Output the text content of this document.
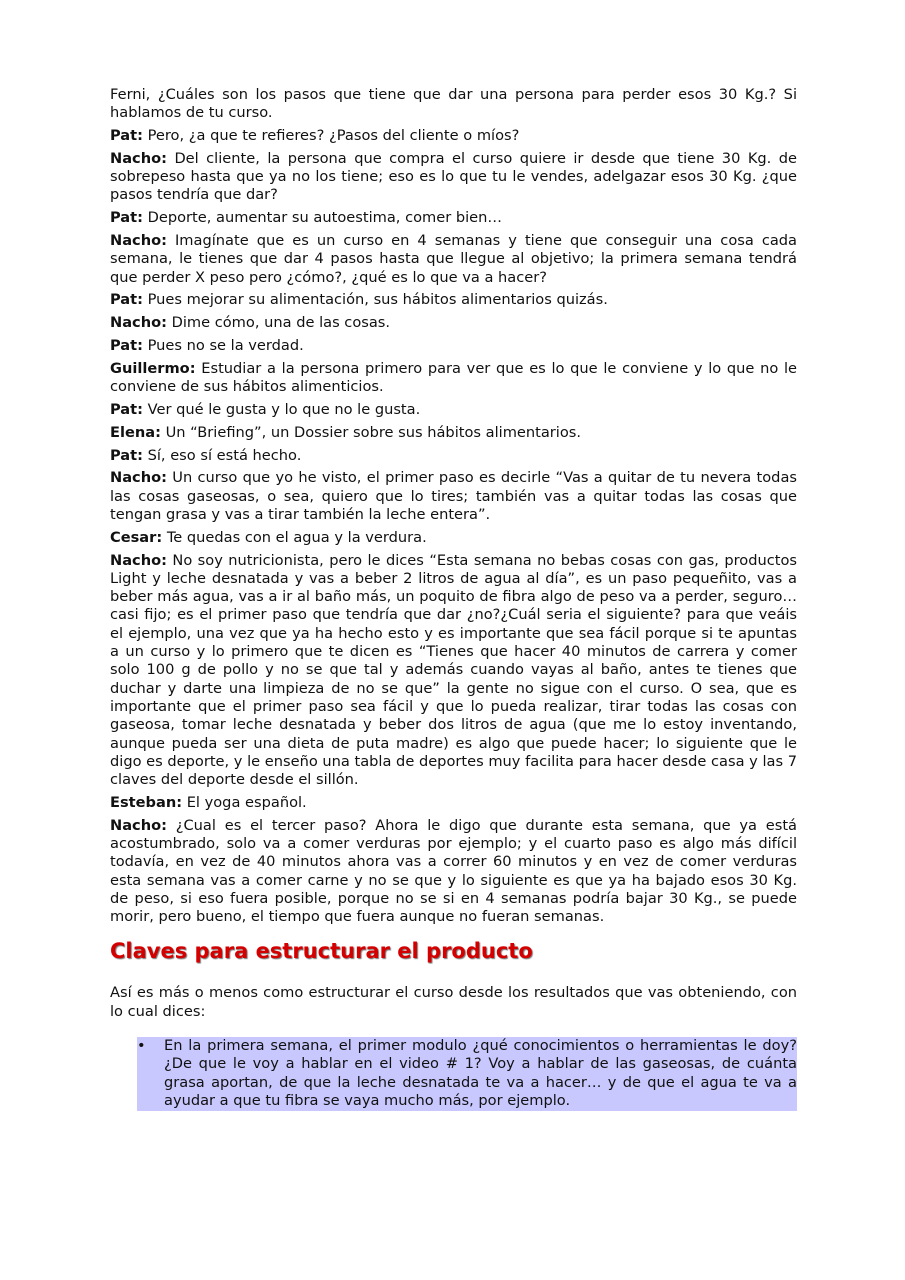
Ferni, ¿Cuáles son los pasos que tiene que dar una persona para perder esos 30 Kg.? Si hablamos de tu curso.

Pat: Pero, ¿a que te refieres? ¿Pasos del cliente o míos?

Nacho: Del cliente, la persona que compra el curso quiere ir desde que tiene 30 Kg. de sobrepeso hasta que ya no los tiene; eso es lo que tu le vendes, adelgazar esos 30 Kg. ¿que pasos tendría que dar?

Pat: Deporte, aumentar su autoestima, comer bien…

Nacho: Imagínate que es un curso en 4 semanas y tiene que conseguir una cosa cada semana, le tienes que dar 4 pasos hasta que llegue al objetivo; la primera semana tendrá que perder X peso pero ¿cómo?, ¿qué es lo que va a hacer?

Pat: Pues mejorar su alimentación, sus hábitos alimentarios quizás.

Nacho: Dime cómo, una de las cosas.

Pat: Pues no se la verdad.

Guillermo: Estudiar a la persona primero para ver que es lo que le conviene y lo que no le conviene de sus hábitos alimenticios.

Pat: Ver qué le gusta y lo que no le gusta.

Elena: Un “Briefing”, un Dossier sobre sus hábitos alimentarios.

Pat: Sí, eso sí está hecho.

Nacho: Un curso que yo he visto, el primer paso es decirle “Vas a quitar de tu nevera todas las cosas gaseosas, o sea, quiero que lo tires; también vas a quitar todas las cosas que tengan grasa y vas a tirar también la leche entera”.

Cesar: Te quedas con el agua y la verdura.

Nacho: No soy nutricionista, pero le dices “Esta semana no bebas cosas con gas, productos Light y leche desnatada y vas a beber 2 litros de agua al día”, es un paso pequeñito, vas a beber más agua, vas a ir al baño más, un poquito de fibra algo de peso va a perder, seguro…casi fijo; es el primer paso que tendría que dar ¿no?¿Cuál seria el siguiente? para que veáis el ejemplo, una vez que ya ha hecho esto y es importante que sea fácil porque si te apuntas a un curso y lo primero que te dicen es “Tienes que hacer 40 minutos de carrera y comer solo 100 g de pollo y no se que tal y además cuando vayas al baño, antes te tienes que duchar y darte una limpieza de no se que” la gente no sigue con el curso. O sea, que es importante que el primer paso sea fácil y que lo pueda realizar, tirar todas las cosas con gaseosa, tomar leche desnatada y beber dos litros de agua (que me lo estoy inventando, aunque pueda ser una dieta de puta madre) es algo que puede hacer; lo siguiente que le digo es deporte, y le enseño una tabla de deportes muy facilita para hacer desde casa y las 7 claves del deporte desde el sillón.

Esteban: El yoga español.

Nacho: ¿Cual es el tercer paso? Ahora le digo que durante esta semana, que ya está acostumbrado, solo va a comer verduras por ejemplo; y el cuarto paso es algo más difícil todavía, en vez de 40 minutos ahora vas a correr 60 minutos y en vez de comer verduras esta semana vas a comer carne y no se que y lo siguiente es que ya ha bajado esos 30 Kg. de peso, si eso fuera posible, porque no se si en 4 semanas podría bajar 30 Kg., se puede morir, pero bueno, el tiempo que fuera aunque no fueran semanas.

Claves para estructurar el producto

Así es más o menos como estructurar el curso desde los resultados que vas obteniendo, con lo cual dices:

•	En la primera semana, el primer modulo ¿qué conocimientos o herramientas le doy? ¿De que le voy a hablar en el video # 1? Voy a hablar de las gaseosas, de cuánta grasa aportan, de que la leche desnatada te va a hacer… y de que el agua te va a ayudar a que tu fibra se vaya mucho más, por ejemplo.
